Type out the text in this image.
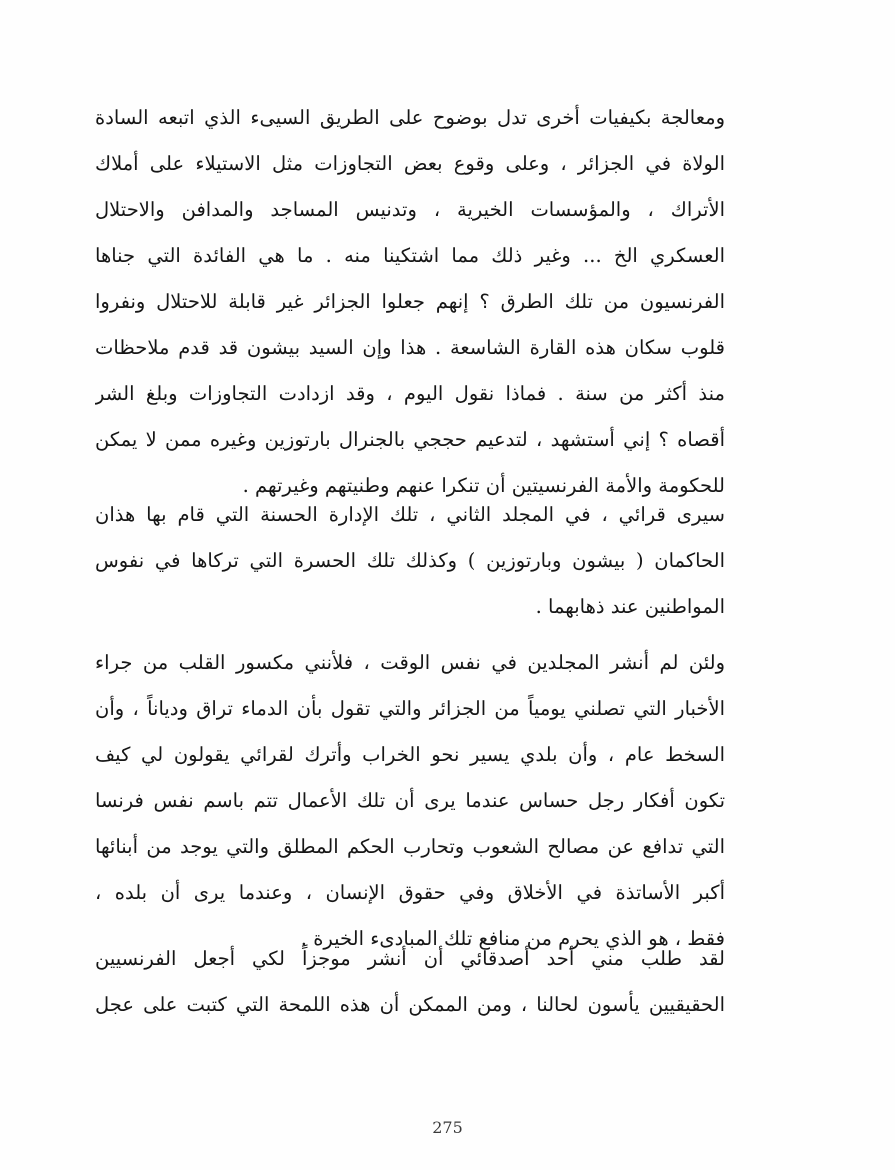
ومعالجة بكيفيات أخرى تدل بوضوح على الطريق السيىء الذي اتبعه السادة
الولاة في الجزائر ، وعلى وقوع بعض التجاوزات مثل الاستيلاء على أملاك
الأتراك ، والمؤسسات الخيرية ، وتدنيس المساجد والمدافن والاحتلال
العسكري الخ ... وغير ذلك مما اشتكينا منه . ما هي الفائدة التي جناها
الفرنسيون من تلك الطرق ؟ إنهم جعلوا الجزائر غير قابلة للاحتلال ونفروا
قلوب سكان هذه القارة الشاسعة . هذا وإن السيد بيشون قد قدم ملاحظات
منذ أكثر من سنة . فماذا نقول اليوم ، وقد ازدادت التجاوزات وبلغ الشر
أقصاه ؟ إني أستشهد ، لتدعيم حججي بالجنرال بارتوزين وغيره ممن لا يمكن
للحكومة والأمة الفرنسيتين أن تنكرا عنهم وطنيتهم وغيرتهم .
سيرى قرائي ، في المجلد الثاني ، تلك الإدارة الحسنة التي قام بها هذان
الحاكمان ( بيشون وبارتوزين ) وكذلك تلك الحسرة التي تركاها في نفوس
المواطنين عند ذهابهما .
ولئن لم أنشر المجلدين في نفس الوقت ، فلأنني مكسور القلب من جراء
الأخبار التي تصلني يومياً من الجزائر والتي تقول بأن الدماء تراق ودياناً ، وأن
السخط عام ، وأن بلدي يسير نحو الخراب وأترك لقرائي يقولون لي كيف
تكون أفكار رجل حساس عندما يرى أن تلك الأعمال تتم باسم نفس فرنسا
التي تدافع عن مصالح الشعوب وتحارب الحكم المطلق والتي يوجد من أبنائها
أكبر الأساتذة في الأخلاق وفي حقوق الإنسان ، وعندما يرى أن بلده ،
فقط ، هو الذي يحرم من منافع تلك المبادىء الخيرة .
لقد طلب مني أحد أصدقائي أن أنشر موجزاً لكي أجعل الفرنسيين
الحقيقيين يأسون لحالنا ، ومن الممكن أن هذه اللمحة التي كتبت على عجل
275
